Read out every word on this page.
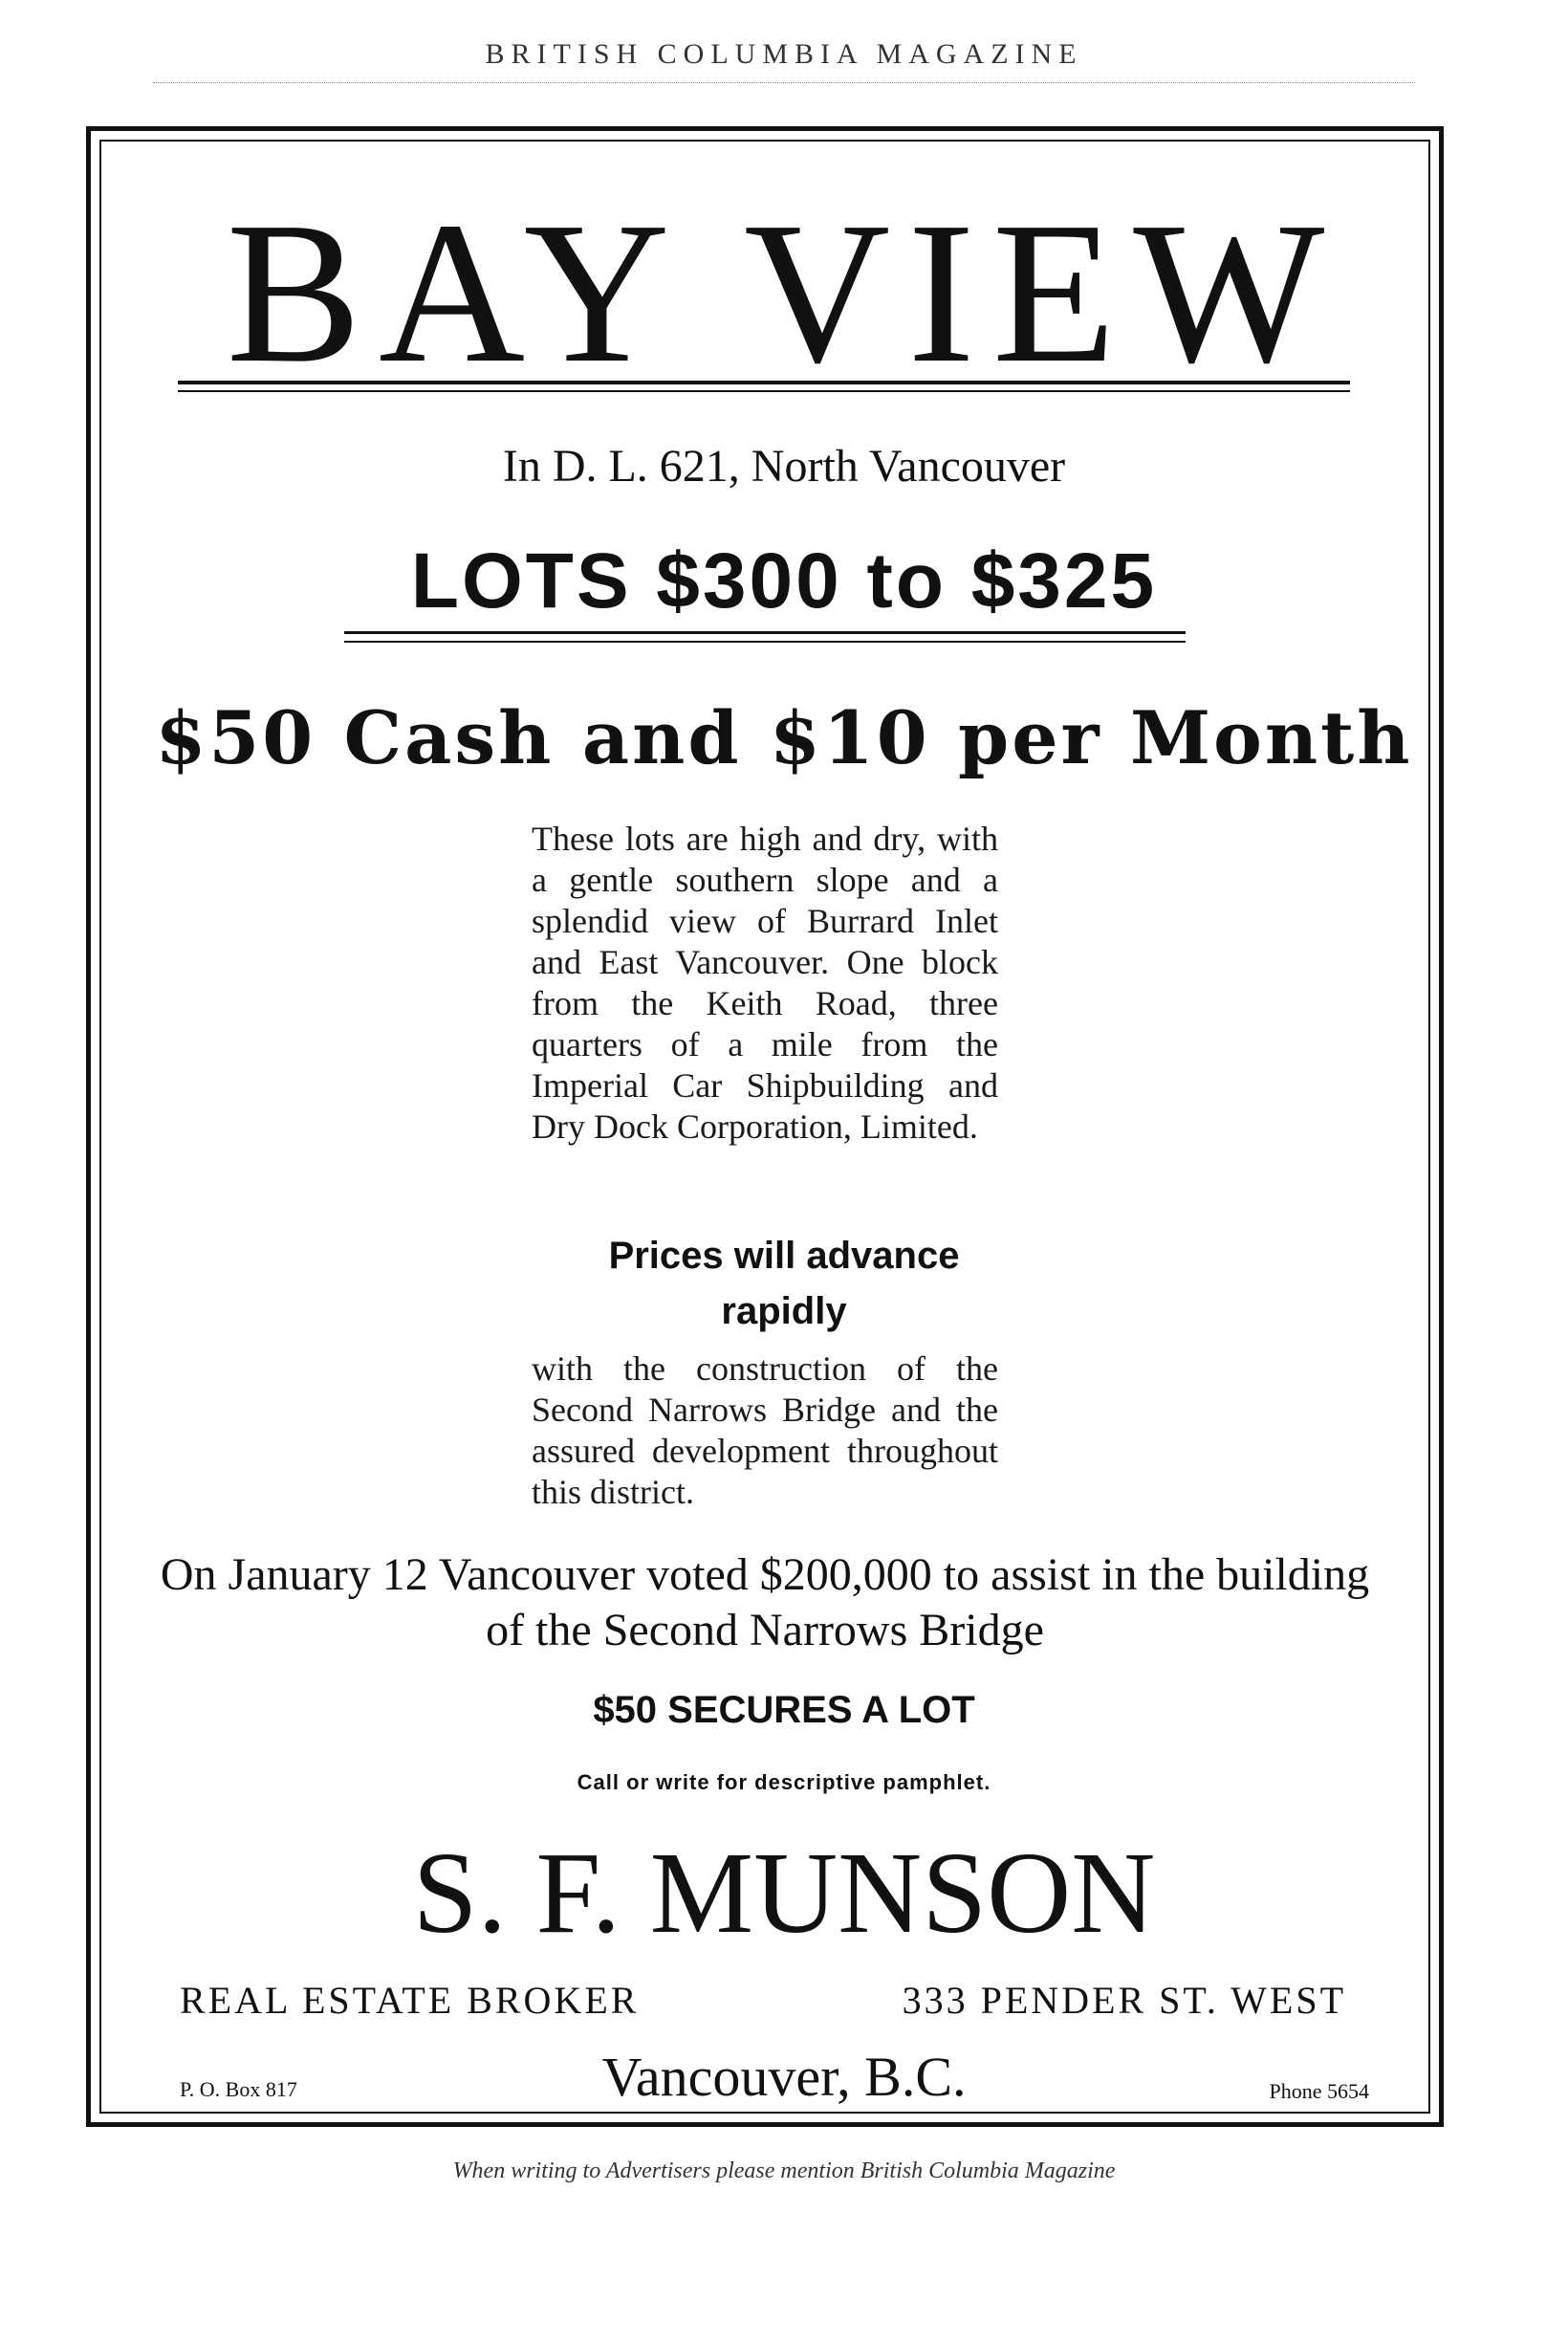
BRITISH COLUMBIA MAGAZINE
BAY VIEW
In D. L. 621, North Vancouver
LOTS $300 to $325
$50 Cash and $10 per Month
These lots are high and dry, with a gentle southern slope and a splendid view of Burrard Inlet and East Vancouver. One block from the Keith Road, three quarters of a mile from the Imperial Car Shipbuilding and Dry Dock Corporation, Limited.
Prices will advance
rapidly
with the construction of the Second Narrows Bridge and the assured development throughout this district.
On January 12 Vancouver voted $200,000 to assist in the building of the Second Narrows Bridge
$50 SECURES A LOT
Call or write for descriptive pamphlet.
S. F. MUNSON
REAL ESTATE BROKER	333 PENDER ST. WEST
P. O. Box 817	Vancouver, B.C.	Phone 5654
When writing to Advertisers please mention British Columbia Magazine
